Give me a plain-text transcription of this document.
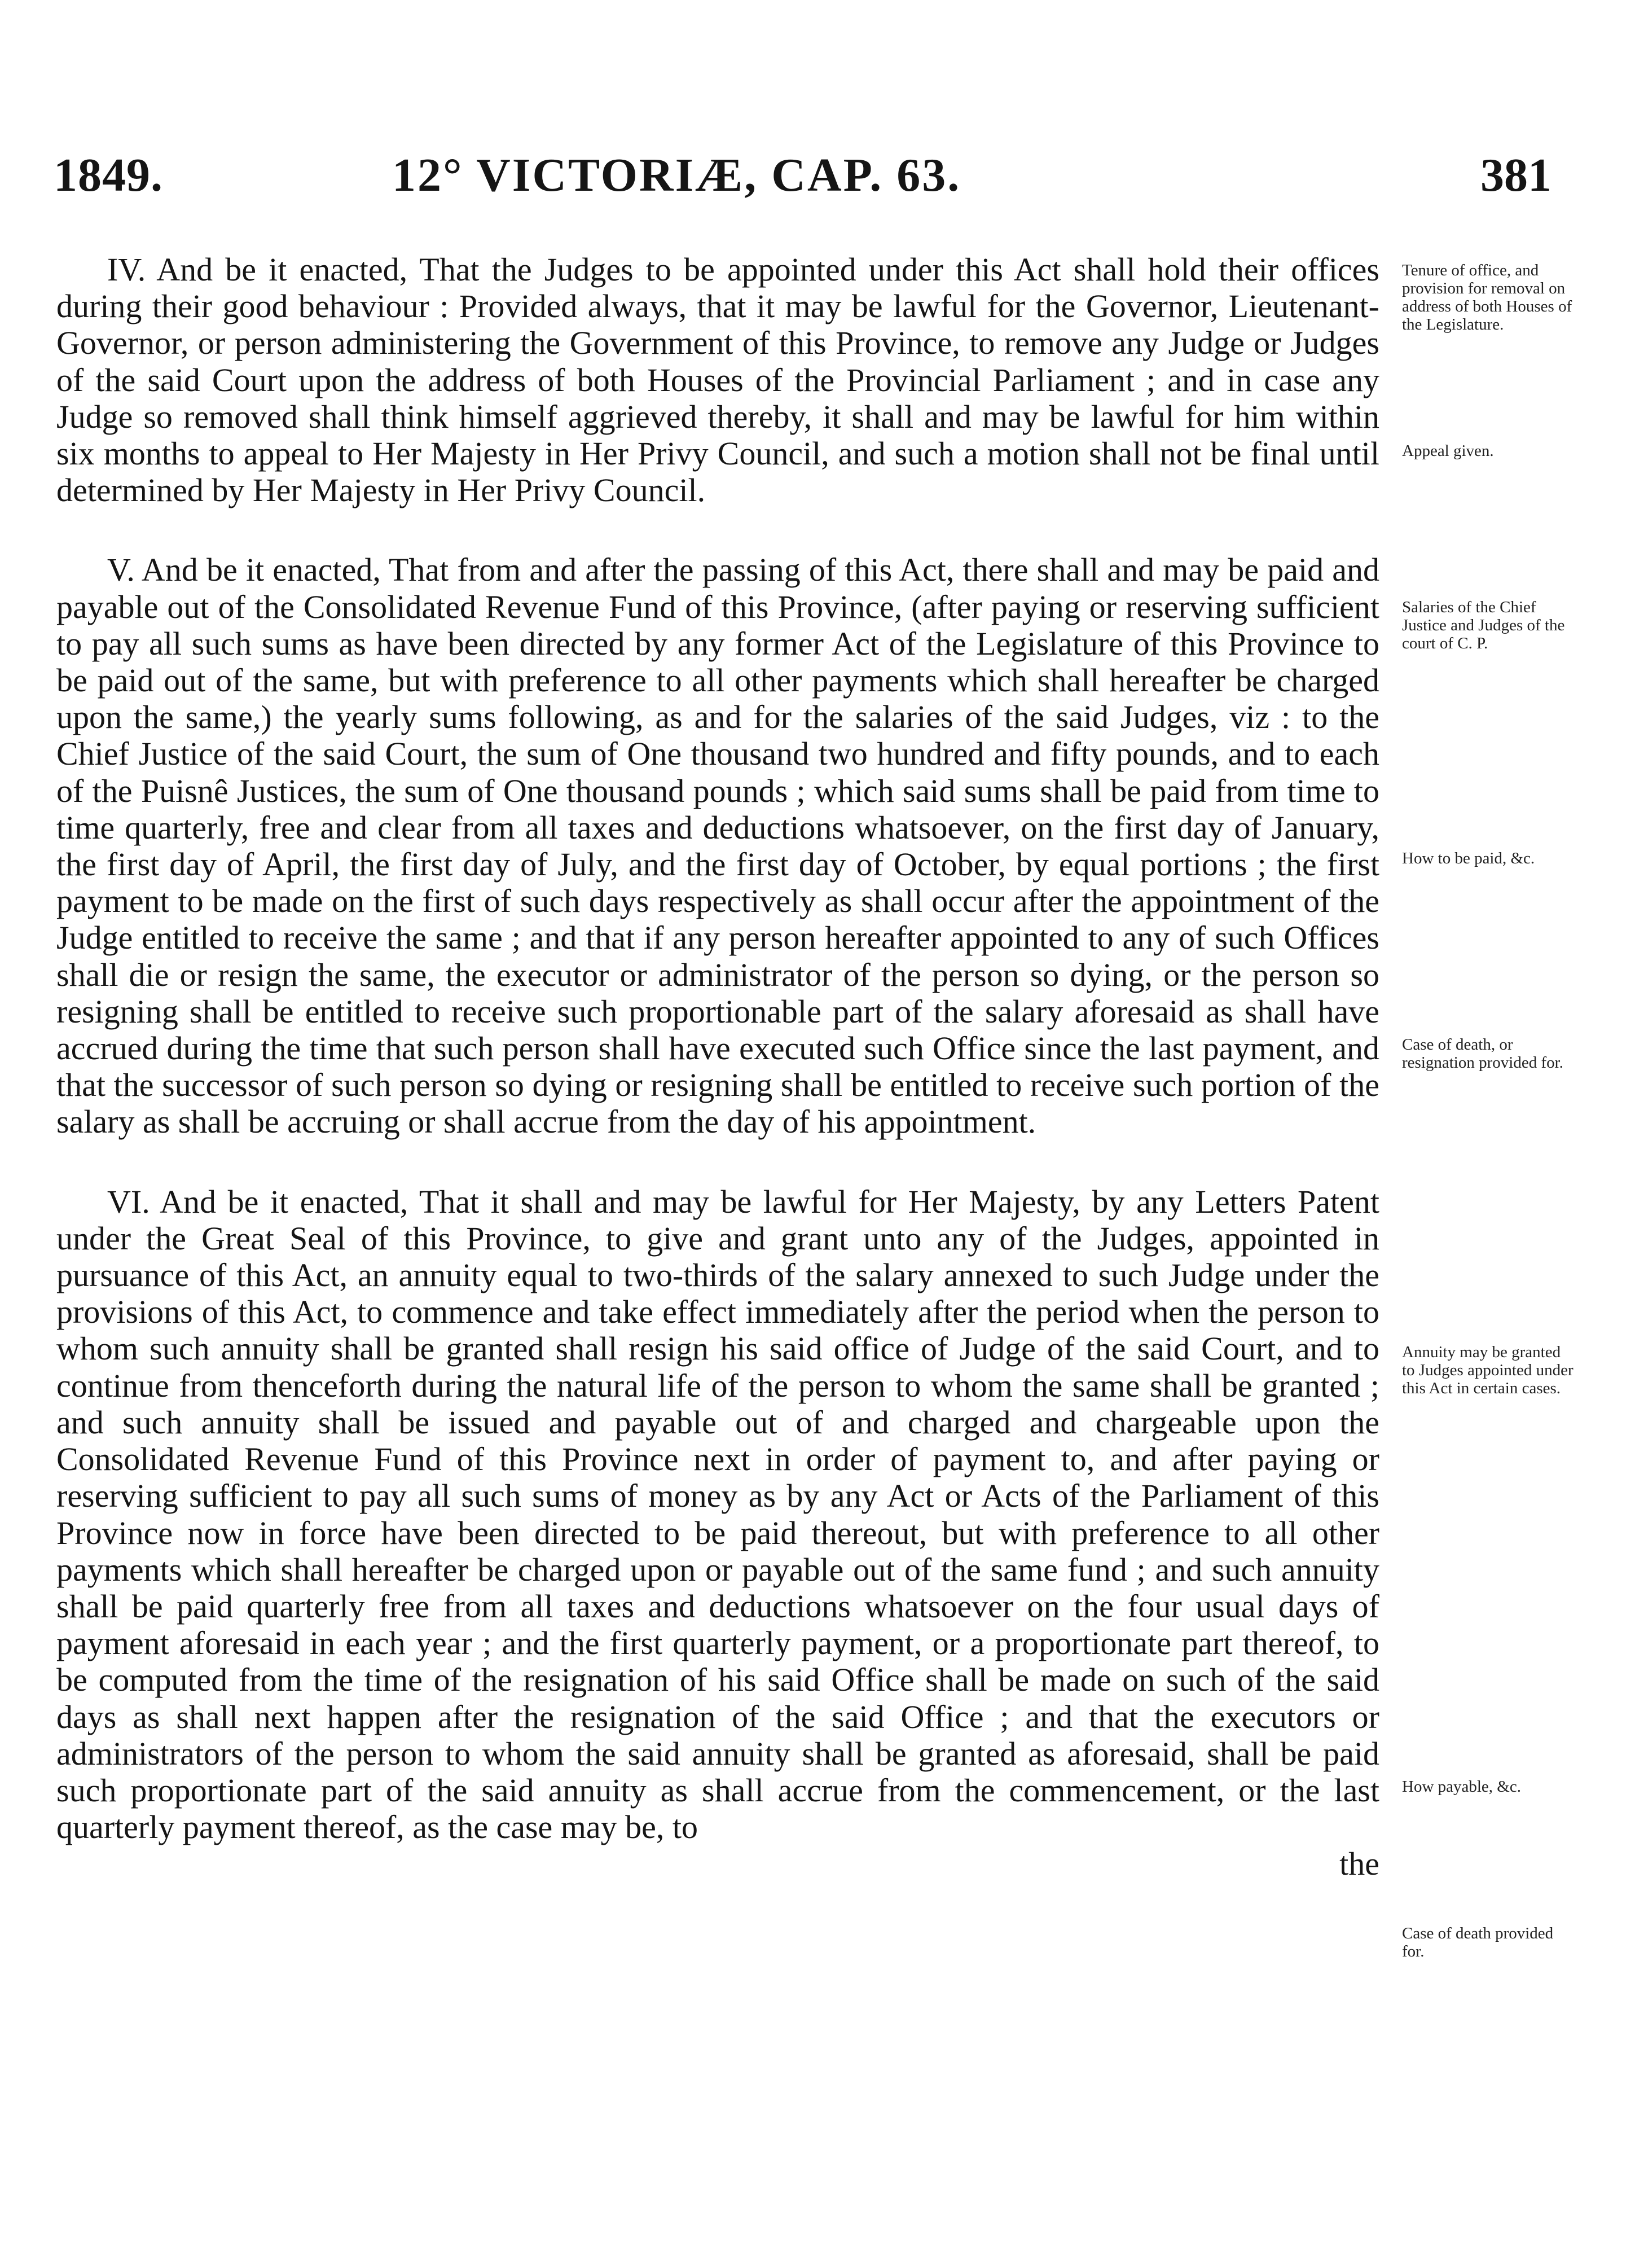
1849.	12° VICTORIÆ, CAP. 63.	381

IV. And be it enacted, That the Judges to be appointed under this Act shall hold their offices during their good behaviour : Provided always, that it may be lawful for the Governor, Lieutenant-Governor, or person administering the Government of this Province, to remove any Judge or Judges of the said Court upon the address of both Houses of the Provincial Parliament ; and in case any Judge so removed shall think himself aggrieved thereby, it shall and may be lawful for him within six months to appeal to Her Majesty in Her Privy Council, and such a motion shall not be final until determined by Her Majesty in Her Privy Council.

V. And be it enacted, That from and after the passing of this Act, there shall and may be paid and payable out of the Consolidated Revenue Fund of this Province, (after paying or reserving sufficient to pay all such sums as have been directed by any former Act of the Legislature of this Province to be paid out of the same, but with preference to all other payments which shall hereafter be charged upon the same,) the yearly sums following, as and for the salaries of the said Judges, viz : to the Chief Justice of the said Court, the sum of One thousand two hundred and fifty pounds, and to each of the Puisnê Justices, the sum of One thousand pounds ; which said sums shall be paid from time to time quarterly, free and clear from all taxes and deductions whatsoever, on the first day of January, the first day of April, the first day of July, and the first day of October, by equal portions ; the first payment to be made on the first of such days respectively as shall occur after the appointment of the Judge entitled to receive the same ; and that if any person hereafter appointed to any of such Offices shall die or resign the same, the executor or administrator of the person so dying, or the person so resigning shall be entitled to receive such proportionable part of the salary aforesaid as shall have accrued during the time that such person shall have executed such Office since the last payment, and that the successor of such person so dying or resigning shall be entitled to receive such portion of the salary as shall be accruing or shall accrue from the day of his appointment.

VI. And be it enacted, That it shall and may be lawful for Her Majesty, by any Letters Patent under the Great Seal of this Province, to give and grant unto any of the Judges, appointed in pursuance of this Act, an annuity equal to two-thirds of the salary annexed to such Judge under the provisions of this Act, to commence and take effect immediately after the period when the person to whom such annuity shall be granted shall resign his said office of Judge of the said Court, and to continue from thenceforth during the natural life of the person to whom the same shall be granted ; and such annuity shall be issued and payable out of and charged and chargeable upon the Consolidated Revenue Fund of this Province next in order of payment to, and after paying or reserving sufficient to pay all such sums of money as by any Act or Acts of the Parliament of this Province now in force have been directed to be paid thereout, but with preference to all other payments which shall hereafter be charged upon or payable out of the same fund ; and such annuity shall be paid quarterly free from all taxes and deductions whatsoever on the four usual days of payment aforesaid in each year ; and the first quarterly payment, or a proportionate part thereof, to be computed from the time of the resignation of his said Office shall be made on such of the said days as shall next happen after the resignation of the said Office ; and that the executors or administrators of the person to whom the said annuity shall be granted as aforesaid, shall be paid such proportionate part of the said annuity as shall accrue from the commencement, or the last quarterly payment thereof, as the case may be, to

the

Tenure of office, and provision for removal on address of both Houses of the Legislature.
Appeal given.
Salaries of the Chief Justice and Judges of the court of C. P.
How to be paid, &c.
Case of death, or resignation provided for.
Annuity may be granted to Judges appointed under this Act in certain cases.
How payable, &c.
Case of death provided for.
